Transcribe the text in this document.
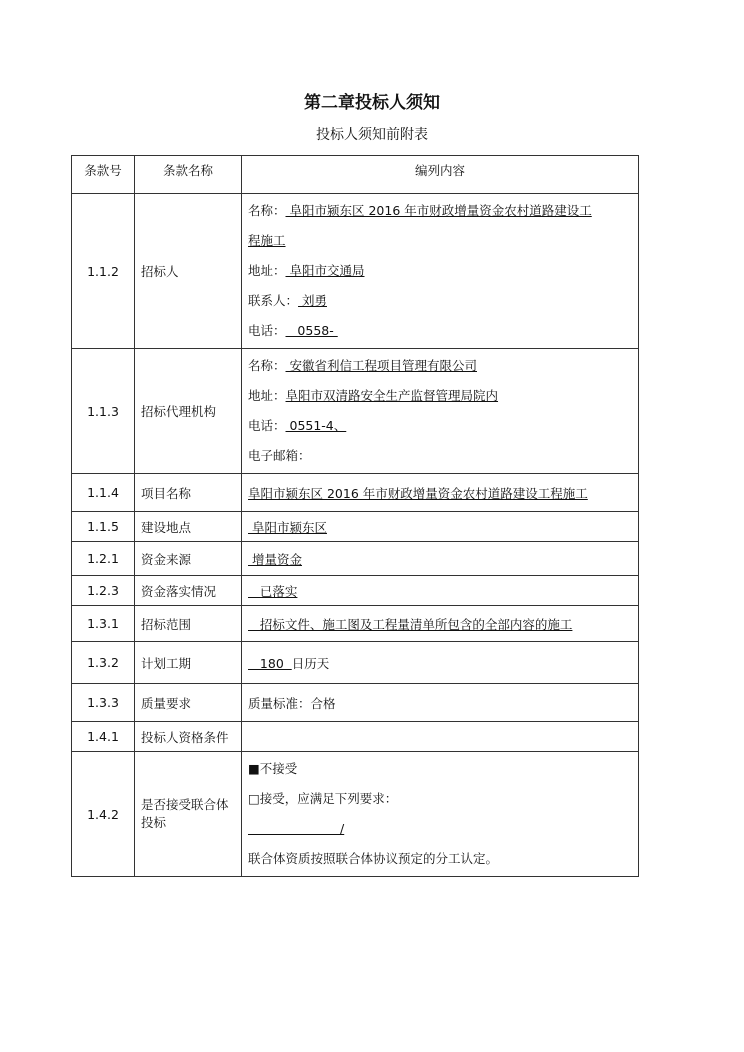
第二章投标人须知
投标人须知前附表
条款号	条款名称	编列内容
1.1.2	招标人	名称： 阜阳市颍东区 2016 年市财政增量资金农村道路建设工
程施工
地址： 阜阳市交通局
联系人： 刘勇
电话：   0558-

1.1.3	招标代理机构	名称： 安徽省利信工程项目管理有限公司
地址：阜阳市双清路安全生产监督管理局院内
电话： 0551-4、
电子邮箱：

1.1.4	项目名称	阜阳市颍东区 2016 年市财政增量资金农村道路建设工程施工
1.1.5	建设地点	阜阳市颍东区
1.2.1	资金来源	增量资金
1.2.3	资金落实情况	已落实
1.3.1	招标范围	招标文件、施工图及工程量清单所包含的全部内容的施工
1.3.2	计划工期	180  日历天
1.3.3	质量要求	质量标准：合格
1.4.1	投标人资格条件	
1.4.2	是否接受联合体投标	■不接受
□接受，应满足下列要求：
/
联合体资质按照联合体协议预定的分工认定。
